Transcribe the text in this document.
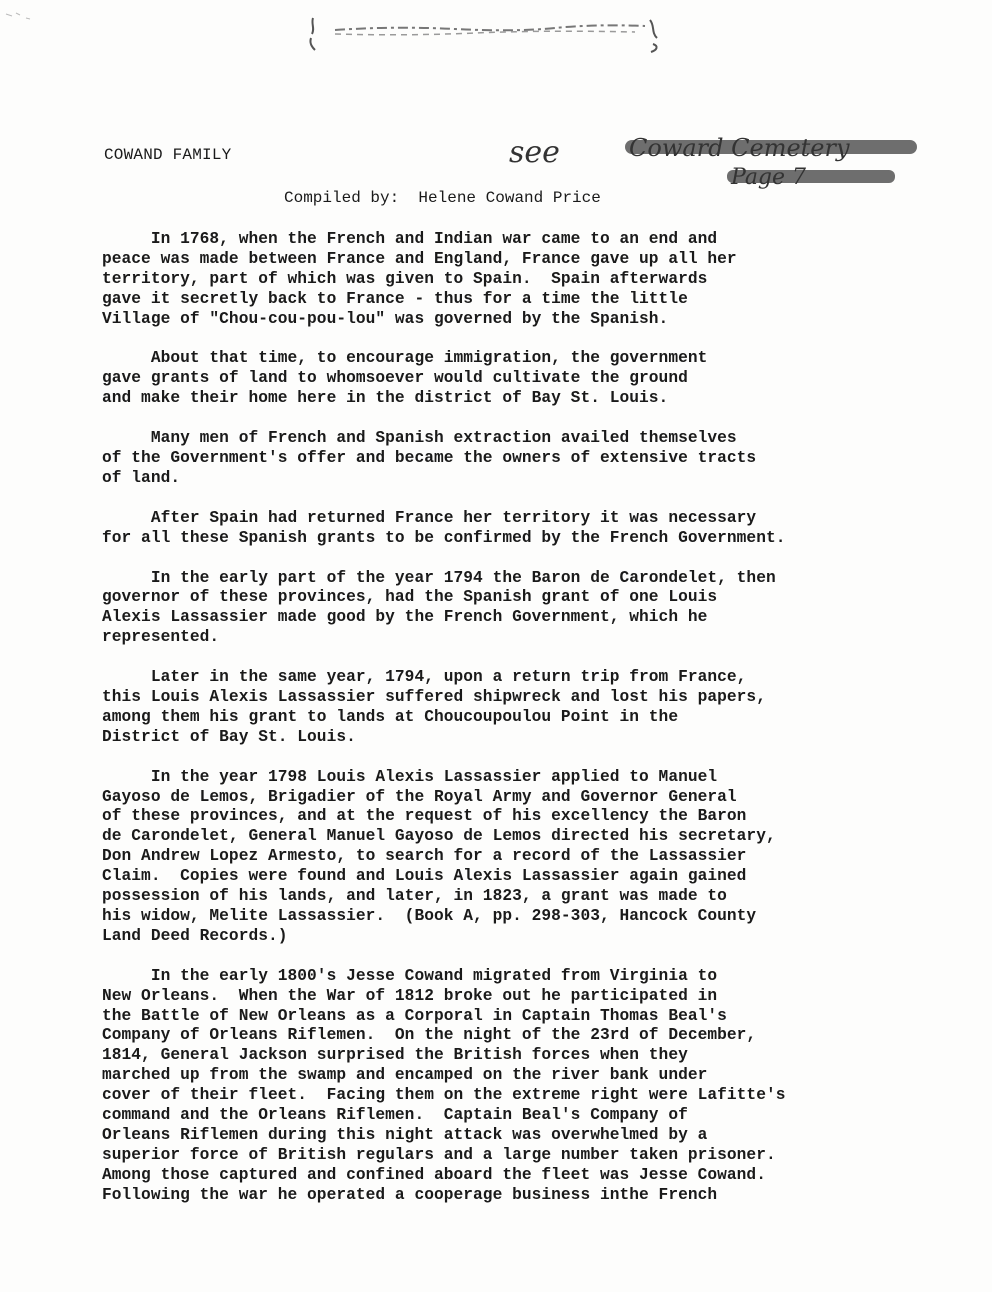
COWAND FAMILY	see	Coward Cemetery
Page 7
Compiled by:  Helene Cowand Price
In 1768, when the French and Indian war came to an end and
peace was made between France and England, France gave up all her
territory, part of which was given to Spain.  Spain afterwards
gave it secretly back to France - thus for a time the little
Village of "Chou-cou-pou-lou" was governed by the Spanish.
About that time, to encourage immigration, the government
gave grants of land to whomsoever would cultivate the ground
and make their home here in the district of Bay St. Louis.
Many men of French and Spanish extraction availed themselves
of the Government's offer and became the owners of extensive tracts
of land.
After Spain had returned France her territory it was necessary
for all these Spanish grants to be confirmed by the French Government.
In the early part of the year 1794 the Baron de Carondelet, then
governor of these provinces, had the Spanish grant of one Louis
Alexis Lassassier made good by the French Government, which he
represented.
Later in the same year, 1794, upon a return trip from France,
this Louis Alexis Lassassier suffered shipwreck and lost his papers,
among them his grant to lands at Choucoupoulou Point in the
District of Bay St. Louis.
In the year 1798 Louis Alexis Lassassier applied to Manuel
Gayoso de Lemos, Brigadier of the Royal Army and Governor General
of these provinces, and at the request of his excellency the Baron
de Carondelet, General Manuel Gayoso de Lemos directed his secretary,
Don Andrew Lopez Armesto, to search for a record of the Lassassier
Claim.  Copies were found and Louis Alexis Lassassier again gained
possession of his lands, and later, in 1823, a grant was made to
his widow, Melite Lassassier.  (Book A, pp. 298-303, Hancock County
Land Deed Records.)
In the early 1800's Jesse Cowand migrated from Virginia to
New Orleans.  When the War of 1812 broke out he participated in
the Battle of New Orleans as a Corporal in Captain Thomas Beal's
Company of Orleans Riflemen.  On the night of the 23rd of December,
1814, General Jackson surprised the British forces when they
marched up from the swamp and encamped on the river bank under
cover of their fleet.  Facing them on the extreme right were Lafitte's
command and the Orleans Riflemen.  Captain Beal's Company of
Orleans Riflemen during this night attack was overwhelmed by a
superior force of British regulars and a large number taken prisoner.
Among those captured and confined aboard the fleet was Jesse Cowand.
Following the war he operated a cooperage business inthe French
